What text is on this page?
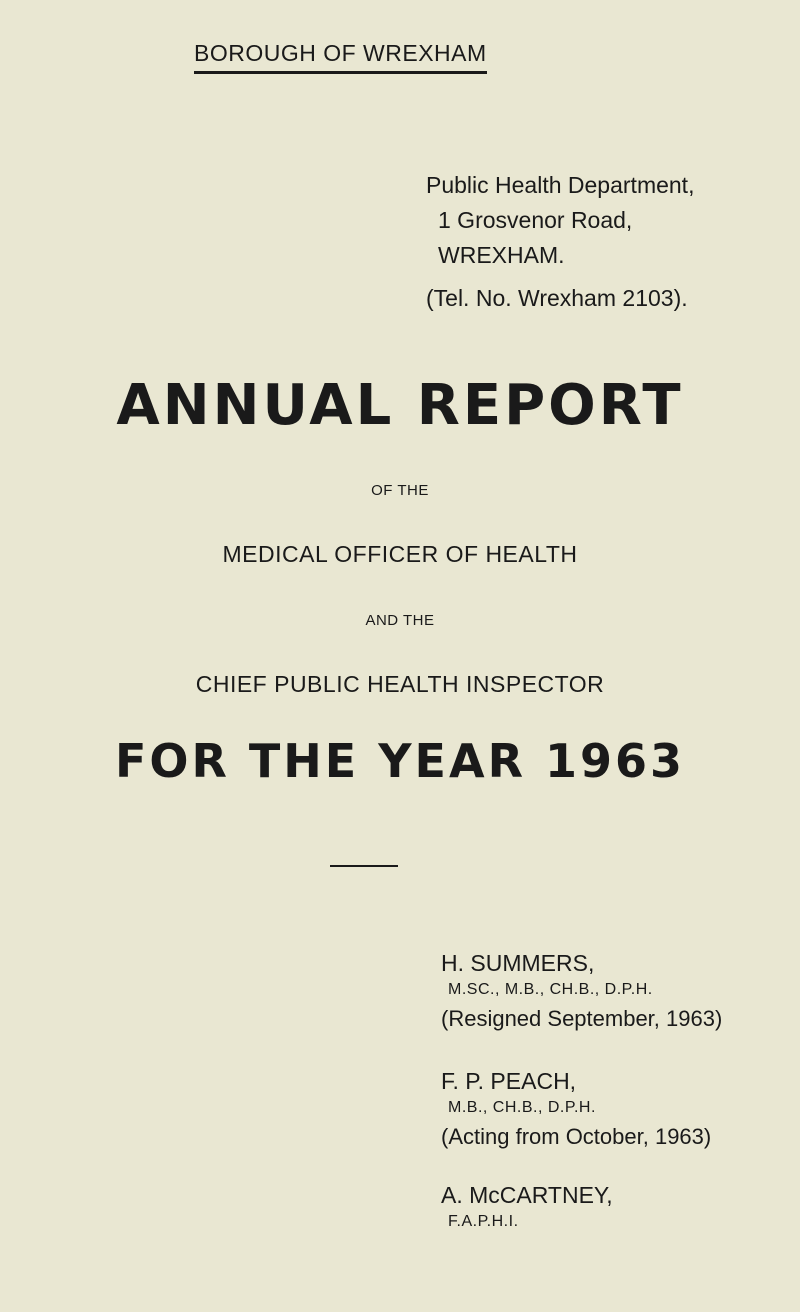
BOROUGH OF WREXHAM
Public Health Department,
1 Grosvenor Road,
WREXHAM.
(Tel. No. Wrexham 2103).
ANNUAL REPORT
OF THE
MEDICAL OFFICER OF HEALTH
AND THE
CHIEF PUBLIC HEALTH INSPECTOR
FOR THE YEAR 1963
H. SUMMERS,
M.SC., M.B., CH.B., D.P.H.
(Resigned September, 1963)
F. P. PEACH,
M.B., CH.B., D.P.H.
(Acting from October, 1963)
A. McCARTNEY,
F.A.P.H.I.
